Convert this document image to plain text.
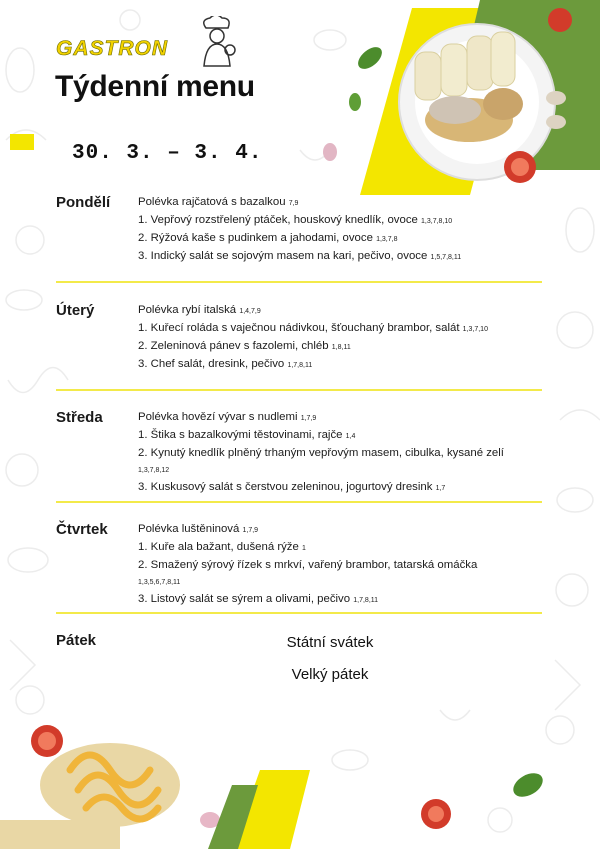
GASTRON
Týdenní menu
30. 3. – 3. 4.
Pondělí Polévka rajčatová s bazalkou 7,9
1. Vepřový rozstřelený ptáček, houskový knedlík, ovoce 1,3,7,8,10
2. Rýžová kaše s pudinkem a jahodami, ovoce 1,3,7,8
3. Indický salát se sojovým masem na kari, pečivo, ovoce 1,5,7,8,11
Úterý	Polévka rybí italská 1,4,7,9
1. Kuřecí roláda s vaječnou nádivkou, šťouchaný brambor, salát 1,3,7,10
2. Zeleninová pánev s fazolemi, chléb 1,8,11
3. Chef salát, dresink, pečivo 1,7,8,11
Středa	Polévka hovězí vývar s nudlemi 1,7,9
1. Štika s bazalkovými těstovinami, rajče 1,4
2. Kynutý knedlík plněný trhaným vepřovým masem, cibulka, kysané zelí 1,3,7,8,12
3. Kuskusový salát s čerstvou zeleninou, jogurtový dresink 1,7
Čtvrtek	Polévka luštěninová 1,7,9
1. Kuře ala bažant, dušená rýže 1
2. Smažený sýrový řízek s mrkví, vařený brambor, tatarská omáčka 1,3,5,6,7,8,11
3. Listový salát se sýrem a olivami, pečivo 1,7,8,11
Pátek	Státní svátek
Velký pátek
